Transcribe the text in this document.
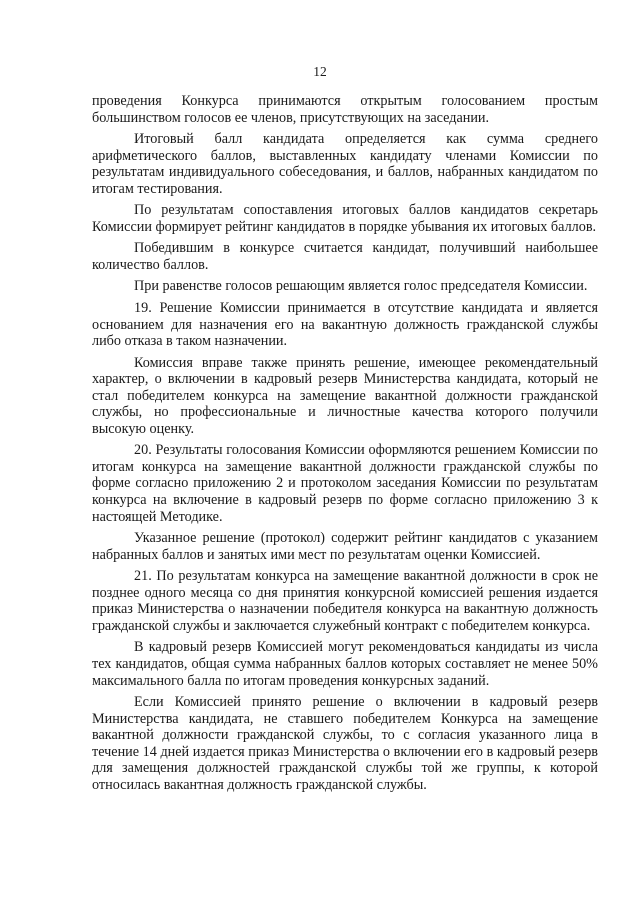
12

проведения Конкурса принимаются открытым голосованием простым большинством голосов ее членов, присутствующих на заседании.

Итоговый балл кандидата определяется как сумма среднего арифметического баллов, выставленных кандидату членами Комиссии по результатам индивидуального собеседования, и баллов, набранных кандидатом по итогам тестирования.

По результатам сопоставления итоговых баллов кандидатов секретарь Комиссии формирует рейтинг кандидатов в порядке убывания их итоговых баллов.

Победившим в конкурсе считается кандидат, получивший наибольшее количество баллов.

При равенстве голосов решающим является голос председателя Комиссии.

19. Решение Комиссии принимается в отсутствие кандидата и является основанием для назначения его на вакантную должность гражданской службы либо отказа в таком назначении.

Комиссия вправе также принять решение, имеющее рекомендательный характер, о включении в кадровый резерв Министерства кандидата, который не стал победителем конкурса на замещение вакантной должности гражданской службы, но профессиональные и личностные качества которого получили высокую оценку.

20. Результаты голосования Комиссии оформляются решением Комиссии по итогам конкурса на замещение вакантной должности гражданской службы по форме согласно приложению 2 и протоколом заседания Комиссии по результатам конкурса на включение в кадровый резерв по форме согласно приложению 3 к настоящей Методике.

Указанное решение (протокол) содержит рейтинг кандидатов с указанием набранных баллов и занятых ими мест по результатам оценки Комиссией.

21. По результатам конкурса на замещение вакантной должности в срок не позднее одного месяца со дня принятия конкурсной комиссией решения издается приказ Министерства о назначении победителя конкурса на вакантную должность гражданской службы и заключается служебный контракт с победителем конкурса.

В кадровый резерв Комиссией могут рекомендоваться кандидаты из числа тех кандидатов, общая сумма набранных баллов которых составляет не менее 50% максимального балла по итогам проведения конкурсных заданий.

Если Комиссией принято решение о включении в кадровый резерв Министерства кандидата, не ставшего победителем Конкурса на замещение вакантной должности гражданской службы, то с согласия указанного лица в течение 14 дней издается приказ Министерства о включении его в кадровый резерв для замещения должностей гражданской службы той же группы, к которой относилась вакантная должность гражданской службы.
